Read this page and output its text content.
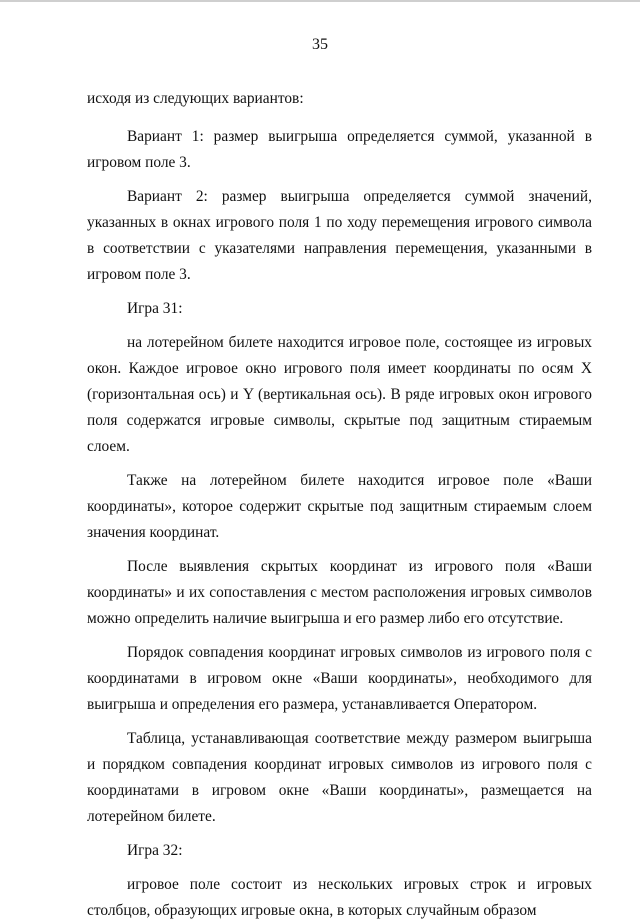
35

исходя из следующих вариантов:

Вариант 1: размер выигрыша определяется суммой, указанной в игровом поле 3.

Вариант 2: размер выигрыша определяется суммой значений, указанных в окнах игрового поля 1 по ходу перемещения игрового символа в соответствии с указателями направления перемещения, указанными в игровом поле 3.

Игра 31:

на лотерейном билете находится игровое поле, состоящее из игровых окон. Каждое игровое окно игрового поля имеет координаты по осям X (горизонтальная ось) и Y (вертикальная ось). В ряде игровых окон игрового поля содержатся игровые символы, скрытые под защитным стираемым слоем.

Также на лотерейном билете находится игровое поле «Ваши координаты», которое содержит скрытые под защитным стираемым слоем значения координат.

После выявления скрытых координат из игрового поля «Ваши координаты» и их сопоставления с местом расположения игровых символов можно определить наличие выигрыша и его размер либо его отсутствие.

Порядок совпадения координат игровых символов из игрового поля с координатами в игровом окне «Ваши координаты», необходимого для выигрыша и определения его размера, устанавливается Оператором.

Таблица, устанавливающая соответствие между размером выигрыша и порядком совпадения координат игровых символов из игрового поля с координатами в игровом окне «Ваши координаты», размещается на лотерейном билете.

Игра 32:

игровое поле состоит из нескольких игровых строк и игровых столбцов, образующих игровые окна, в которых случайным образом
